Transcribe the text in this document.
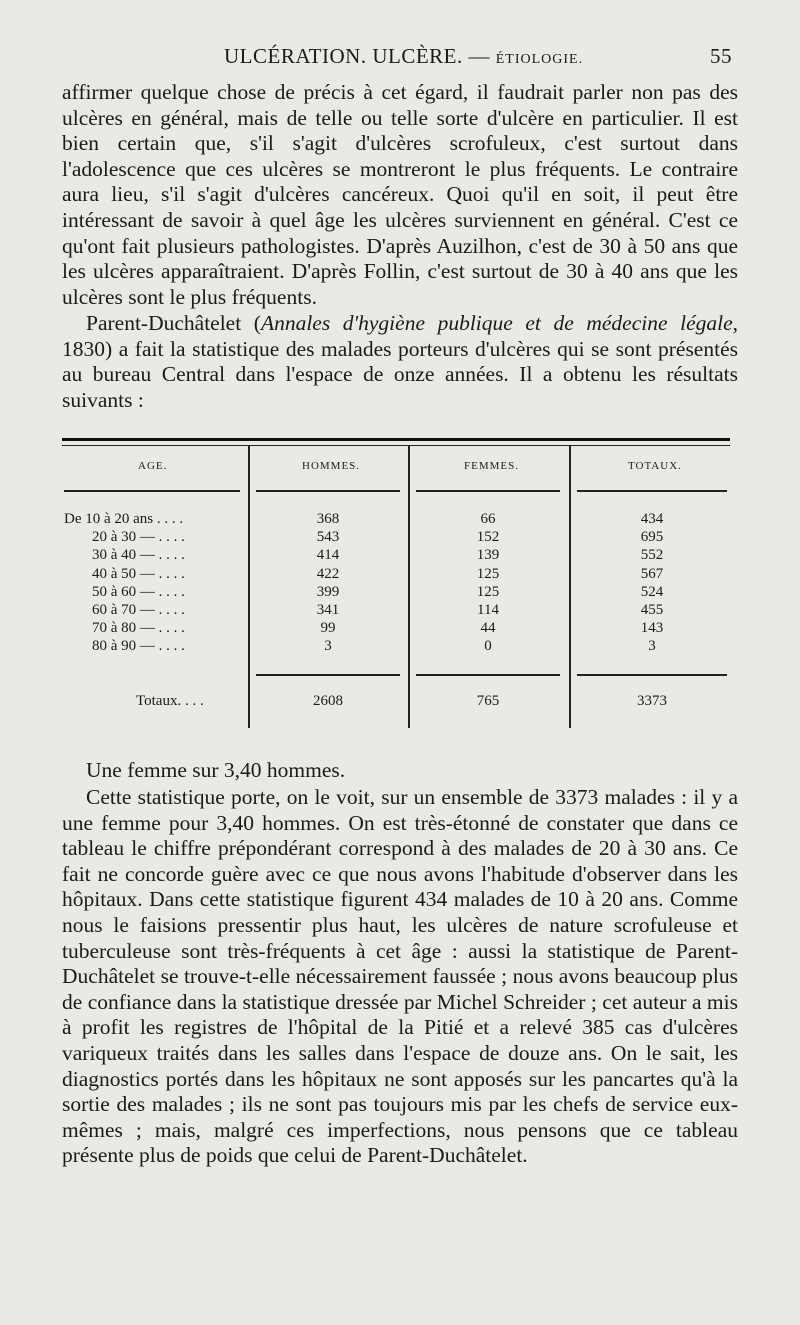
ULCÉRATION. ULCÈRE. — ÉTIOLOGIE.	55

affirmer quelque chose de précis à cet égard, il faudrait parler non pas des ulcères en général, mais de telle ou telle sorte d'ulcère en particulier. Il est bien certain que, s'il s'agit d'ulcères scrofuleux, c'est surtout dans l'adolescence que ces ulcères se montreront le plus fréquents. Le contraire aura lieu, s'il s'agit d'ulcères cancéreux. Quoi qu'il en soit, il peut être intéressant de savoir à quel âge les ulcères surviennent en général. C'est ce qu'ont fait plusieurs pathologistes. D'après Auzilhon, c'est de 30 à 50 ans que les ulcères apparaîtraient. D'après Follin, c'est surtout de 30 à 40 ans que les ulcères sont le plus fréquents.

Parent-Duchâtelet (Annales d'hygiène publique et de médecine légale, 1830) a fait la statistique des malades porteurs d'ulcères qui se sont présentés au bureau Central dans l'espace de onze années. Il a obtenu les résultats suivants :

AGE.	HOMMES.	FEMMES.	TOTAUX.
De 10 à 20 ans . . . .	368	66	434
20 à 30 — . . . .	543	152	695
30 à 40 — . . . .	414	139	552
40 à 50 — . . . .	422	125	567
50 à 60 — . . . .	399	125	524
60 à 70 — . . . .	341	114	455
70 à 80 — . . . .	99	44	143
80 à 90 — . . . .	3	0	3
Totaux. . . .	2608	765	3373

Une femme sur 3,40 hommes.

Cette statistique porte, on le voit, sur un ensemble de 3373 malades : il y a une femme pour 3,40 hommes. On est très-étonné de constater que dans ce tableau le chiffre prépondérant correspond à des malades de 20 à 30 ans. Ce fait ne concorde guère avec ce que nous avons l'habitude d'observer dans les hôpitaux. Dans cette statistique figurent 434 malades de 10 à 20 ans. Comme nous le faisions pressentir plus haut, les ulcères de nature scrofuleuse et tuberculeuse sont très-fréquents à cet âge : aussi la statistique de Parent-Duchâtelet se trouve-t-elle nécessairement faussée ; nous avons beaucoup plus de confiance dans la statistique dressée par Michel Schreider ; cet auteur a mis à profit les registres de l'hôpital de la Pitié et a relevé 385 cas d'ulcères variqueux traités dans les salles dans l'espace de douze ans. On le sait, les diagnostics portés dans les hôpitaux ne sont apposés sur les pancartes qu'à la sortie des malades ; ils ne sont pas toujours mis par les chefs de service eux-mêmes ; mais, malgré ces imperfections, nous pensons que ce tableau présente plus de poids que celui de Parent-Duchâtelet.
